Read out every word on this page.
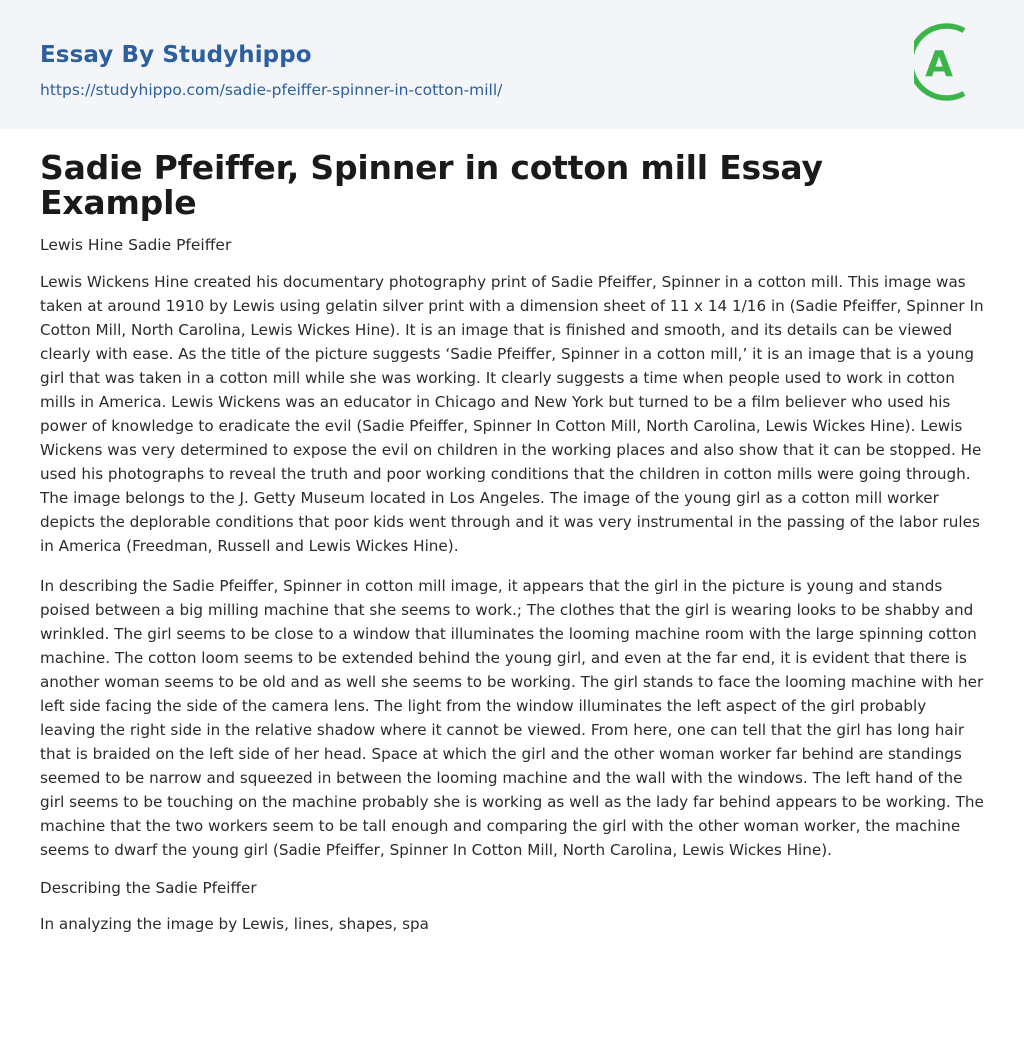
Essay By Studyhippo
https://studyhippo.com/sadie-pfeiffer-spinner-in-cotton-mill/
A
Sadie Pfeiffer, Spinner in cotton mill Essay Example
Lewis Hine Sadie Pfeiffer

Lewis Wickens Hine created his documentary photography print of Sadie Pfeiffer, Spinner in a cotton mill. This image was taken at around 1910 by Lewis using gelatin silver print with a dimension sheet of 11 x 14 1/16 in (Sadie Pfeiffer, Spinner In Cotton Mill, North Carolina, Lewis Wickes Hine). It is an image that is finished and smooth, and its details can be viewed clearly with ease. As the title of the picture suggests ‘Sadie Pfeiffer, Spinner in a cotton mill,’ it is an image that is a young girl that was taken in a cotton mill while she was working. It clearly suggests a time when people used to work in cotton mills in America. Lewis Wickens was an educator in Chicago and New York but turned to be a film believer who used his power of knowledge to eradicate the evil (Sadie Pfeiffer, Spinner In Cotton Mill, North Carolina, Lewis Wickes Hine). Lewis Wickens was very determined to expose the evil on children in the working places and also show that it can be stopped. He used his photographs to reveal the truth and poor working conditions that the children in cotton mills were going through. The image belongs to the J. Getty Museum located in Los Angeles. The image of the young girl as a cotton mill worker depicts the deplorable conditions that poor kids went through and it was very instrumental in the passing of the labor rules in America (Freedman, Russell and Lewis Wickes Hine).

In describing the Sadie Pfeiffer, Spinner in cotton mill image, it appears that the girl in the picture is young and stands poised between a big milling machine that she seems to work.; The clothes that the girl is wearing looks to be shabby and wrinkled. The girl seems to be close to a window that illuminates the looming machine room with the large spinning cotton machine. The cotton loom seems to be extended behind the young girl, and even at the far end, it is evident that there is another woman seems to be old and as well she seems to be working. The girl stands to face the looming machine with her left side facing the side of the camera lens. The light from the window illuminates the left aspect of the girl probably leaving the right side in the relative shadow where it cannot be viewed. From here, one can tell that the girl has long hair that is braided on the left side of her head. Space at which the girl and the other woman worker far behind are standings seemed to be narrow and squeezed in between the looming machine and the wall with the windows. The left hand of the girl seems to be touching on the machine probably she is working as well as the lady far behind appears to be working. The machine that the two workers seem to be tall enough and comparing the girl with the other woman worker, the machine seems to dwarf the young girl (Sadie Pfeiffer, Spinner In Cotton Mill, North Carolina, Lewis Wickes Hine).

Describing the Sadie Pfeiffer
In analyzing the image by Lewis, lines, shapes, spa
